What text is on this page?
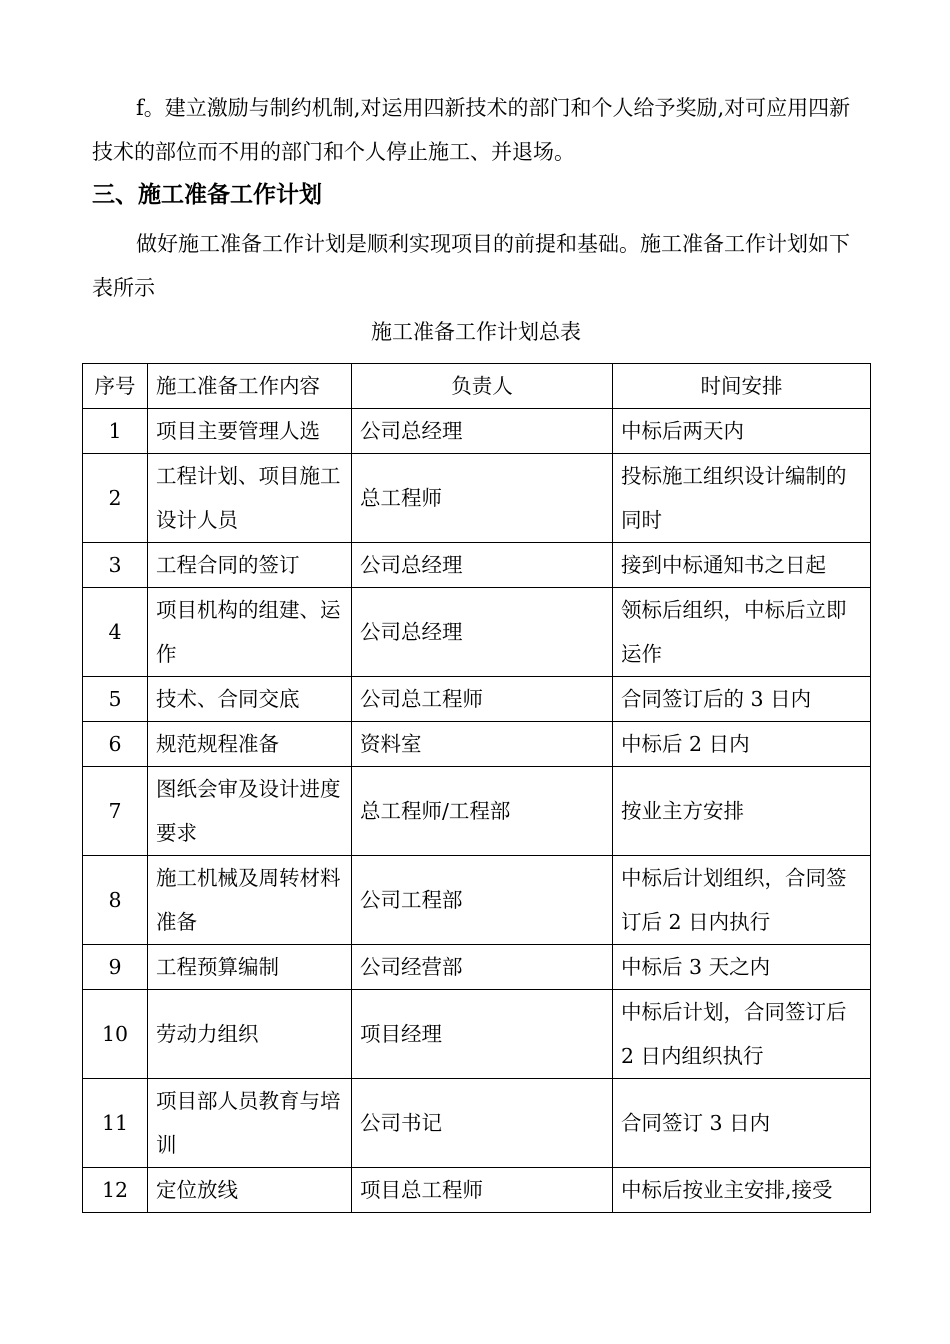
f。建立激励与制约机制,对运用四新技术的部门和个人给予奖励,对可应用四新技术的部位而不用的部门和个人停止施工、并退场。

三、施工准备工作计划

做好施工准备工作计划是顺利实现项目的前提和基础。施工准备工作计划如下表所示

施工准备工作计划总表

序号	施工准备工作内容	负责人	时间安排
1	项目主要管理人选	公司总经理	中标后两天内
2	工程计划、项目施工设计人员	总工程师	投标施工组织设计编制的同时
3	工程合同的签订	公司总经理	接到中标通知书之日起
4	项目机构的组建、运作	公司总经理	领标后组织，中标后立即运作
5	技术、合同交底	公司总工程师	合同签订后的 3 日内
6	规范规程准备	资料室	中标后 2 日内
7	图纸会审及设计进度要求	总工程师/工程部	按业主方安排
8	施工机械及周转材料准备	公司工程部	中标后计划组织，合同签订后 2 日内执行
9	工程预算编制	公司经营部	中标后 3 天之内
10	劳动力组织	项目经理	中标后计划，合同签订后 2 日内组织执行
11	项目部人员教育与培训	公司书记	合同签订 3 日内
12	定位放线	项目总工程师	中标后按业主安排,接受
